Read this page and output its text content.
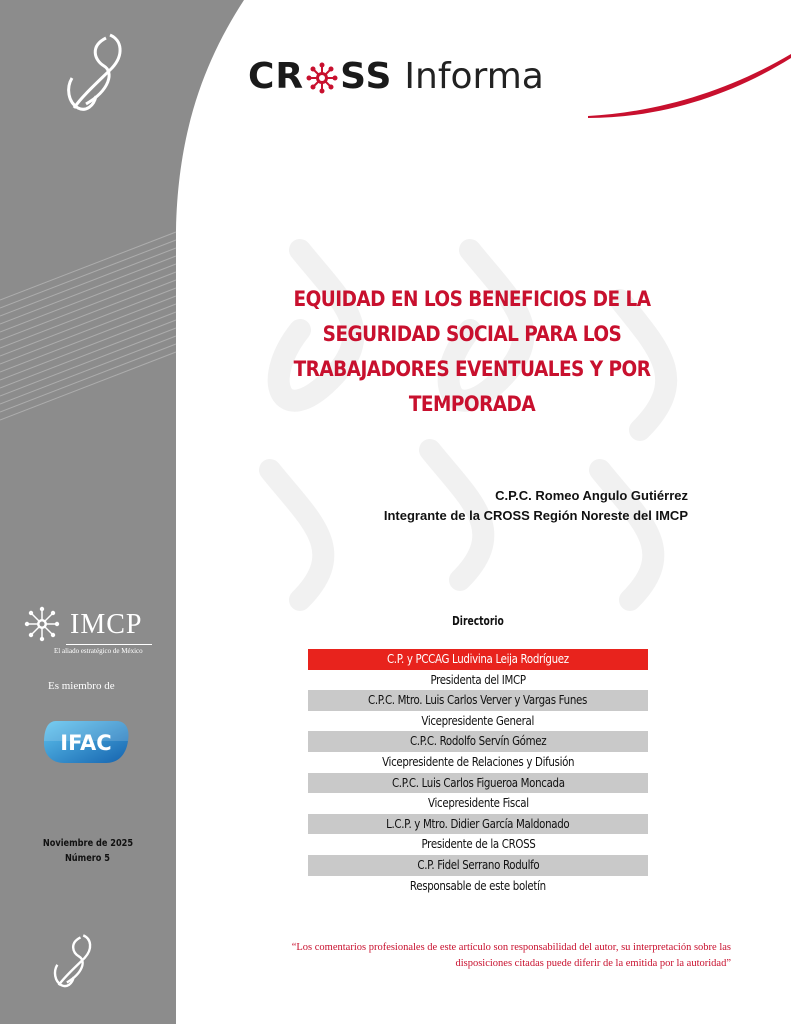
CR SS Informa
EQUIDAD EN LOS BENEFICIOS DE LA SEGURIDAD SOCIAL PARA LOS TRABAJADORES EVENTUALES Y POR TEMPORADA
C.P.C. Romeo Angulo Gutiérrez
Integrante de la CROSS Región Noreste del IMCP
Directorio
C.P. y PCCAG Ludivina Leija Rodríguez
Presidenta del IMCP
C.P.C. Mtro. Luis Carlos Verver y Vargas Funes
Vicepresidente General
C.P.C. Rodolfo Servín Gómez
Vicepresidente de Relaciones y Difusión
C.P.C. Luis Carlos Figueroa Moncada
Vicepresidente Fiscal
L.C.P. y Mtro. Didier García Maldonado
Presidente de la CROSS
C.P. Fidel Serrano Rodulfo
Responsable de este boletín
IMCP
El aliado estratégico de México
Es miembro de
IFAC
Noviembre de 2025
Número 5
“Los comentarios profesionales de este artículo son responsabilidad del autor, su interpretación sobre las disposiciones citadas puede diferir de la emitida por la autoridad”
